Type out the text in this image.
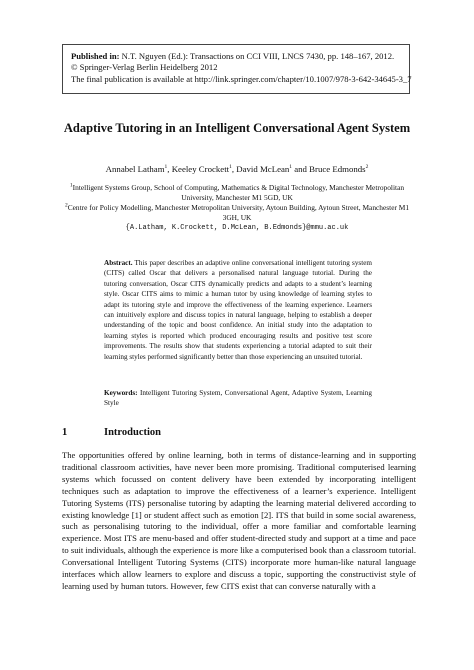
Published in: N.T. Nguyen (Ed.): Transactions on CCI VIII, LNCS 7430, pp. 148–167, 2012.
© Springer-Verlag Berlin Heidelberg 2012
The final publication is available at http://link.springer.com/chapter/10.1007/978-3-642-34645-3_7
Adaptive Tutoring in an Intelligent Conversational Agent System
Annabel Latham$^1$, Keeley Crockett$^1$, David McLean$^1$ and Bruce Edmonds$^2$
$^1$Intelligent Systems Group, School of Computing, Mathematics & Digital Technology, Manchester Metropolitan University, Manchester M1 5GD, UK
$^2$Centre for Policy Modelling, Manchester Metropolitan University, Aytoun Building, Aytoun Street, Manchester M1 3GH, UK
{A.Latham, K.Crockett, D.McLean, B.Edmonds}@mmu.ac.uk
Abstract. This paper describes an adaptive online conversational intelligent tutoring system (CITS) called Oscar that delivers a personalised natural language tutorial. During the tutoring conversation, Oscar CITS dynamically predicts and adapts to a student’s learning style. Oscar CITS aims to mimic a human tutor by using knowledge of learning styles to adapt its tutoring style and improve the effectiveness of the learning experience. Learners can intuitively explore and discuss topics in natural language, helping to establish a deeper understanding of the topic and boost confidence. An initial study into the adaptation to learning styles is reported which produced encouraging results and positive test score improvements. The results show that students experiencing a tutorial adapted to suit their learning styles performed significantly better than those experiencing an unsuited tutorial.
Keywords: Intelligent Tutoring System, Conversational Agent, Adaptive System, Learning Style
1	Introduction
The opportunities offered by online learning, both in terms of distance-learning and in supporting traditional classroom activities, have never been more promising. Traditional computerised learning systems which focussed on content delivery have been extended by incorporating intelligent techniques such as adaptation to improve the effectiveness of a learner’s experience. Intelligent Tutoring Systems (ITS) personalise tutoring by adapting the learning material delivered according to existing knowledge [1] or student affect such as emotion [2]. ITS that build in some social awareness, such as personalising tutoring to the individual, offer a more familiar and comfortable learning experience. Most ITS are menu-based and offer student-directed study and support at a time and pace to suit individuals, although the experience is more like a computerised book than a classroom tutorial. Conversational Intelligent Tutoring Systems (CITS) incorporate more human-like natural language interfaces which allow learners to explore and discuss a topic, supporting the constructivist style of learning used by human tutors. However, few CITS exist that can converse naturally with a
